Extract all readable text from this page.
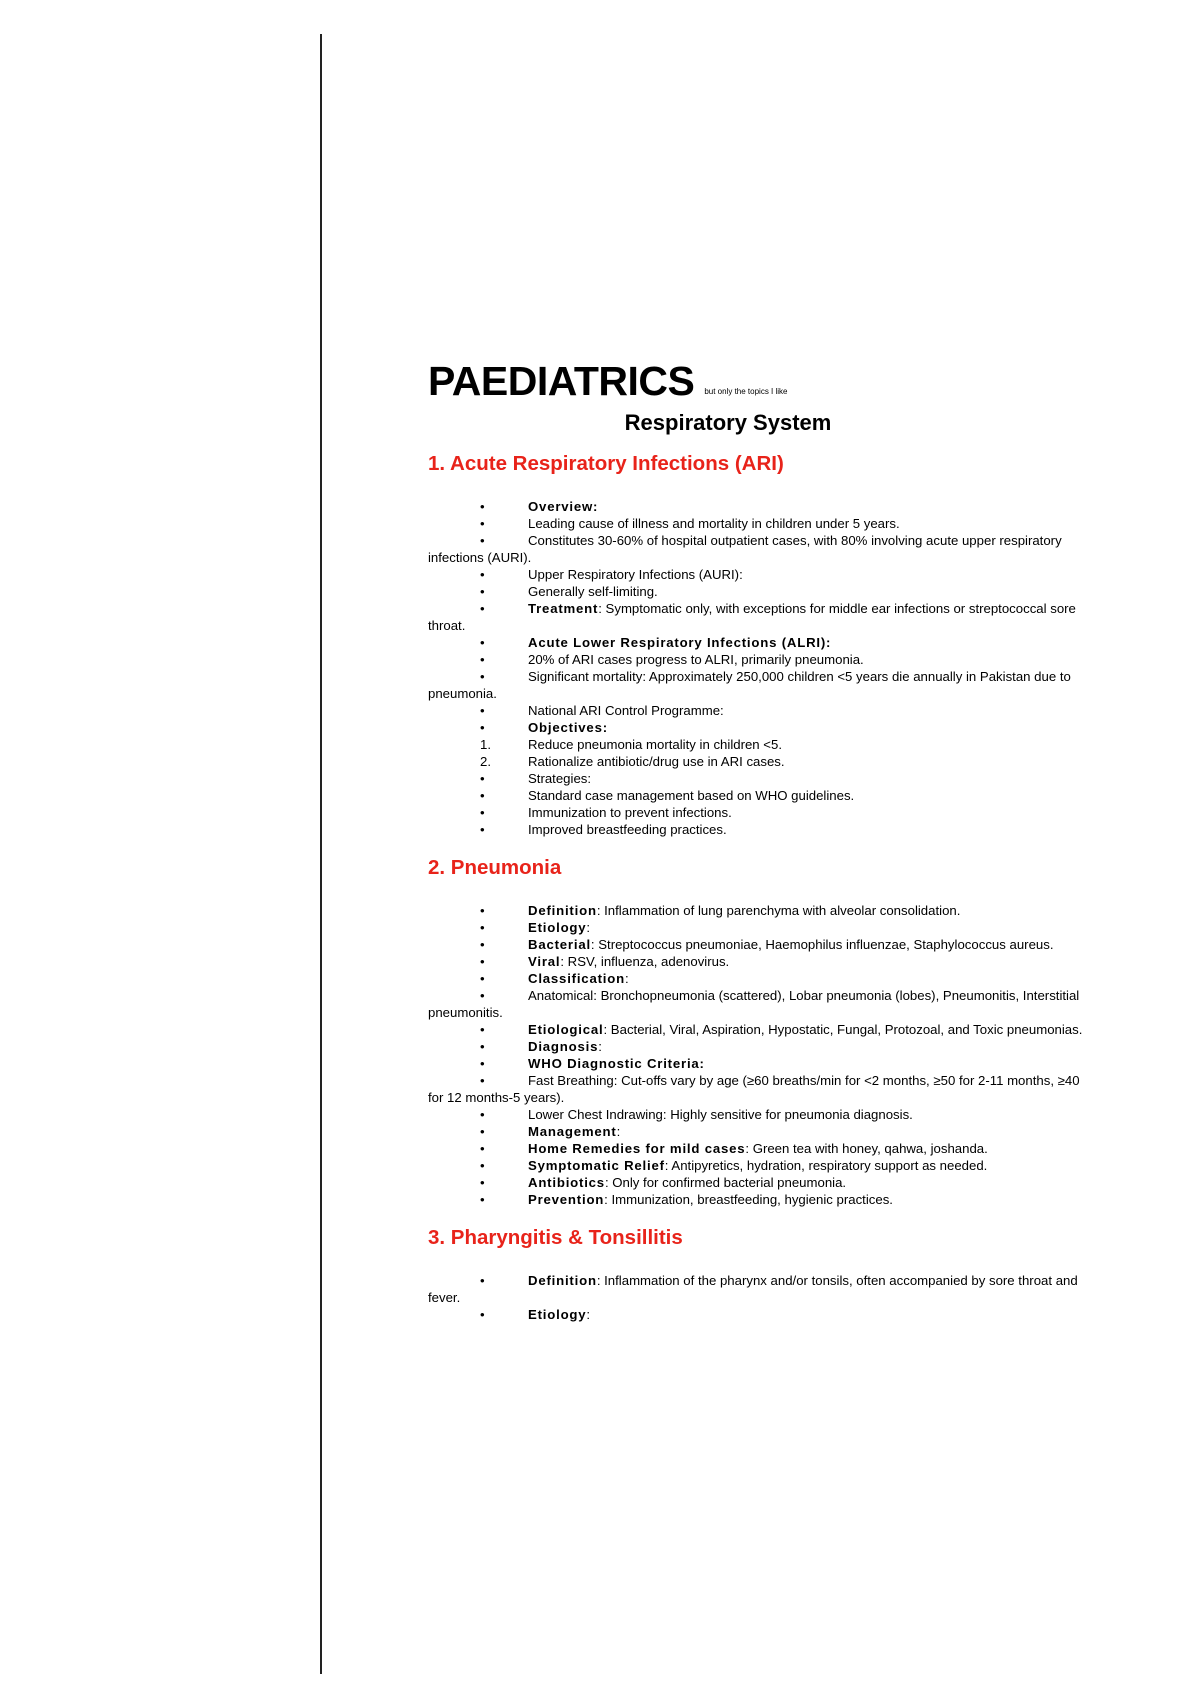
PAEDIATRICS but only the topics I like
Respiratory System
1. Acute Respiratory Infections (ARI)
•	Overview:
•	Leading cause of illness and mortality in children under 5 years.
•	Constitutes 30-60% of hospital outpatient cases, with 80% involving acute upper respiratory infections (AURI).
•	Upper Respiratory Infections (AURI):
•	Generally self-limiting.
•	Treatment: Symptomatic only, with exceptions for middle ear infections or streptococcal sore throat.
•	Acute Lower Respiratory Infections (ALRI):
•	20% of ARI cases progress to ALRI, primarily pneumonia.
•	Significant mortality: Approximately 250,000 children <5 years die annually in Pakistan due to pneumonia.
•	National ARI Control Programme:
•	Objectives:
1.	Reduce pneumonia mortality in children <5.
2.	Rationalize antibiotic/drug use in ARI cases.
•	Strategies:
•	Standard case management based on WHO guidelines.
•	Immunization to prevent infections.
•	Improved breastfeeding practices.
2. Pneumonia
•	Definition: Inflammation of lung parenchyma with alveolar consolidation.
•	Etiology:
•	Bacterial: Streptococcus pneumoniae, Haemophilus influenzae, Staphylococcus aureus.
•	Viral: RSV, influenza, adenovirus.
•	Classification:
•	Anatomical: Bronchopneumonia (scattered), Lobar pneumonia (lobes), Pneumonitis, Interstitial pneumonitis.
•	Etiological: Bacterial, Viral, Aspiration, Hypostatic, Fungal, Protozoal, and Toxic pneumonias.
•	Diagnosis:
•	WHO Diagnostic Criteria:
•	Fast Breathing: Cut-offs vary by age (≥60 breaths/min for <2 months, ≥50 for 2-11 months, ≥40 for 12 months-5 years).
•	Lower Chest Indrawing: Highly sensitive for pneumonia diagnosis.
•	Management:
•	Home Remedies for mild cases: Green tea with honey, qahwa, joshanda.
•	Symptomatic Relief: Antipyretics, hydration, respiratory support as needed.
•	Antibiotics: Only for confirmed bacterial pneumonia.
•	Prevention: Immunization, breastfeeding, hygienic practices.
3. Pharyngitis & Tonsillitis
•	Definition: Inflammation of the pharynx and/or tonsils, often accompanied by sore throat and fever.
•	Etiology:
